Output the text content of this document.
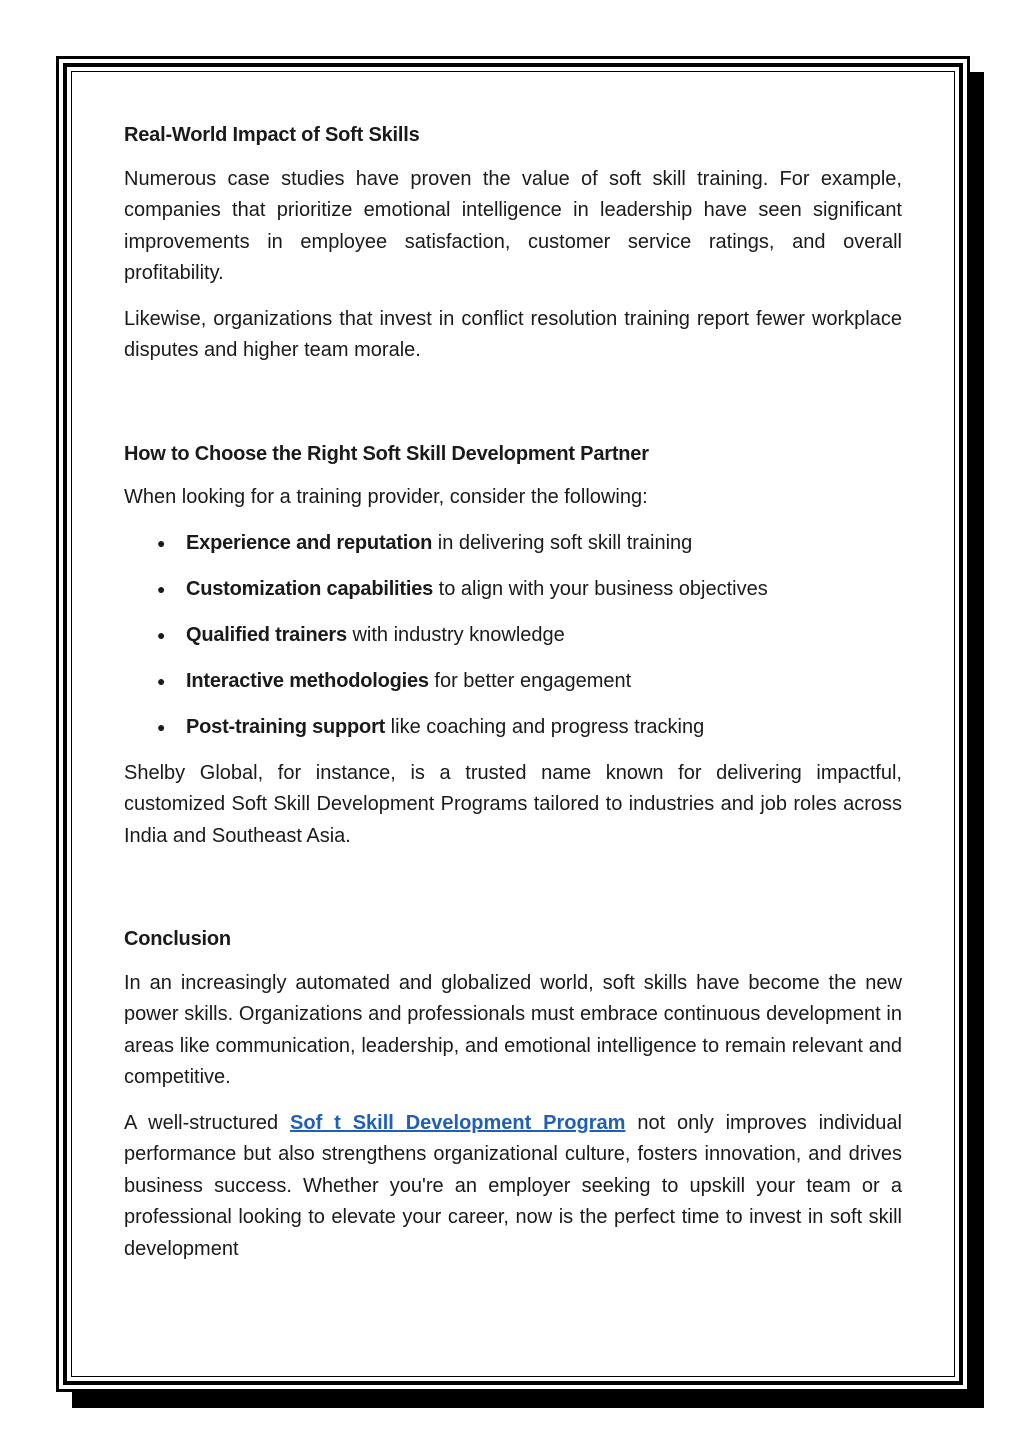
Real-World Impact of Soft Skills

Numerous case studies have proven the value of soft skill training. For example, companies that prioritize emotional intelligence in leadership have seen significant improvements in employee satisfaction, customer service ratings, and overall profitability.

Likewise, organizations that invest in conflict resolution training report fewer workplace disputes and higher team morale.

How to Choose the Right Soft Skill Development Partner

When looking for a training provider, consider the following:

● Experience and reputation in delivering soft skill training
● Customization capabilities to align with your business objectives
● Qualified trainers with industry knowledge
● Interactive methodologies for better engagement
● Post-training support like coaching and progress tracking

Shelby Global, for instance, is a trusted name known for delivering impactful, customized Soft Skill Development Programs tailored to industries and job roles across India and Southeast Asia.

Conclusion

In an increasingly automated and globalized world, soft skills have become the new power skills. Organizations and professionals must embrace continuous development in areas like communication, leadership, and emotional intelligence to remain relevant and competitive.

A well-structured Sof t Skill Development Program not only improves individual performance but also strengthens organizational culture, fosters innovation, and drives business success. Whether you're an employer seeking to upskill your team or a professional looking to elevate your career, now is the perfect time to invest in soft skill development
